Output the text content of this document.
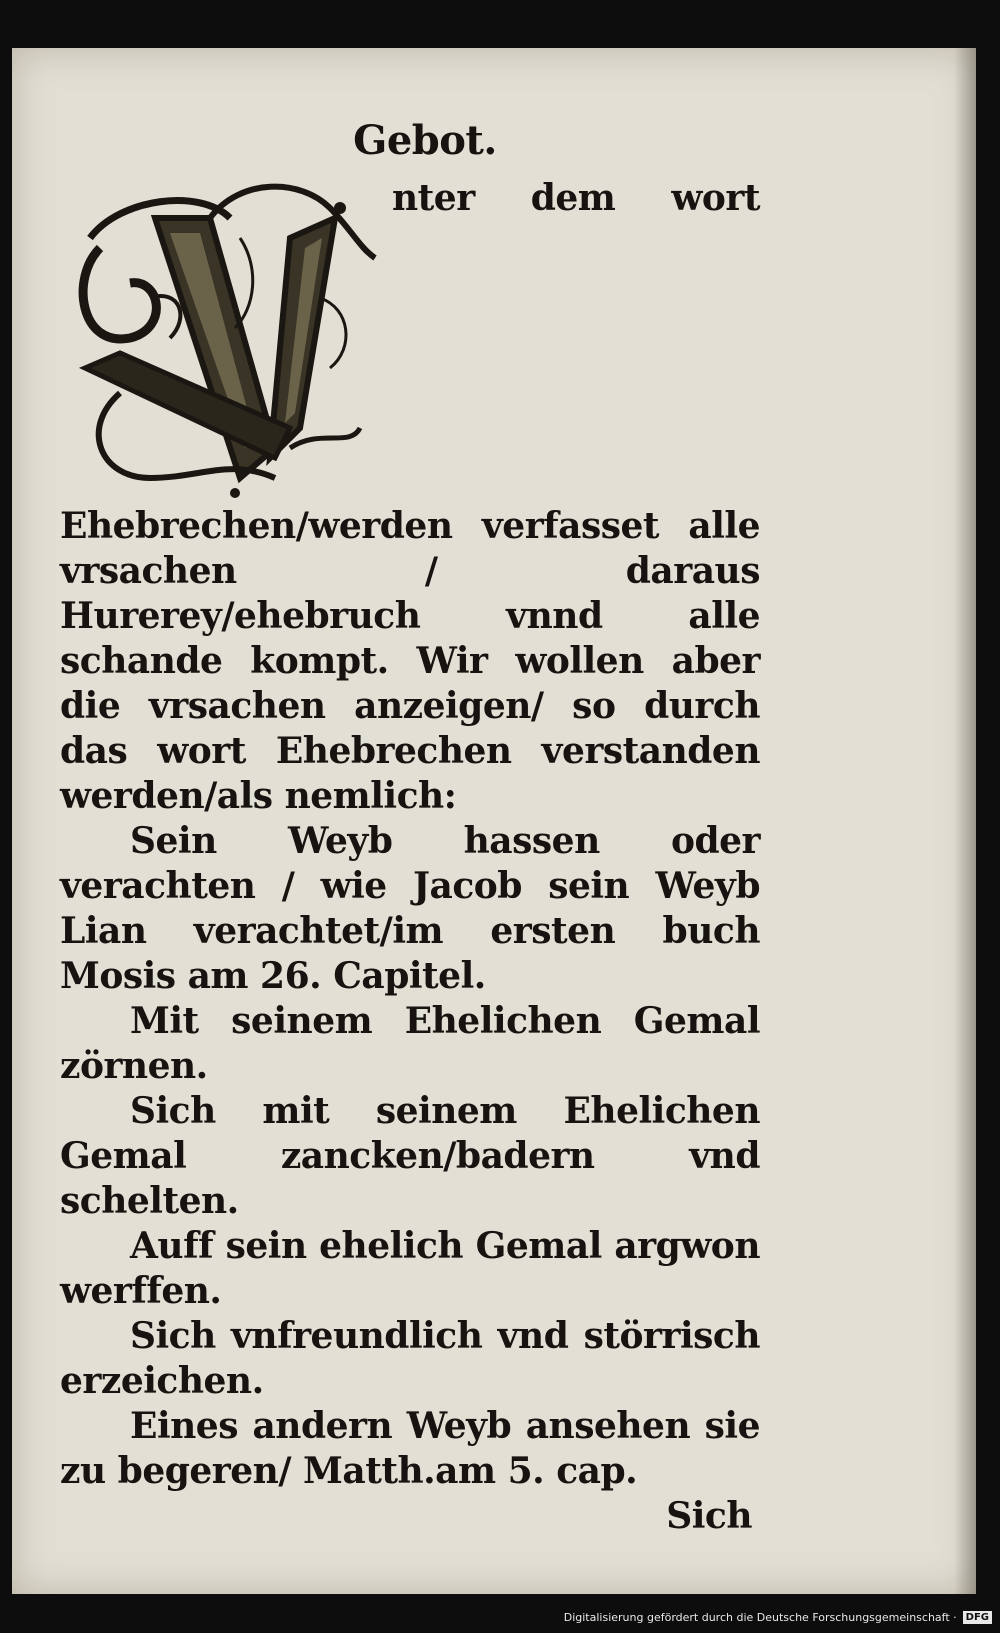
Gebot.

nter dem wort Ehebrechen/werden verfasset alle vrsachen / daraus Hurerey/ehebruch vnnd alle schande kompt. Wir wollen aber die vrsachen anzeigen/ so durch das wort Ehebrechen verstanden werden/als nemlich:

Sein Weyb hassen oder verachten / wie Jacob sein Weyb Lian verachtet/im ersten buch Mosis am 26. Capitel.

Mit seinem Ehelichen Gemal zörnen.

Sich mit seinem Ehelichen Gemal zancken/badern vnd schelten.

Auff sein ehelich Gemal argwon werffen.

Sich vnfreundlich vnd störrisch erzeichen.

Eines andern Weyb ansehen sie zu begeren/ Matth.am 5. cap.

Sich

Digitalisierung gefördert durch die Deutsche Forschungsgemeinschaft · DFG
